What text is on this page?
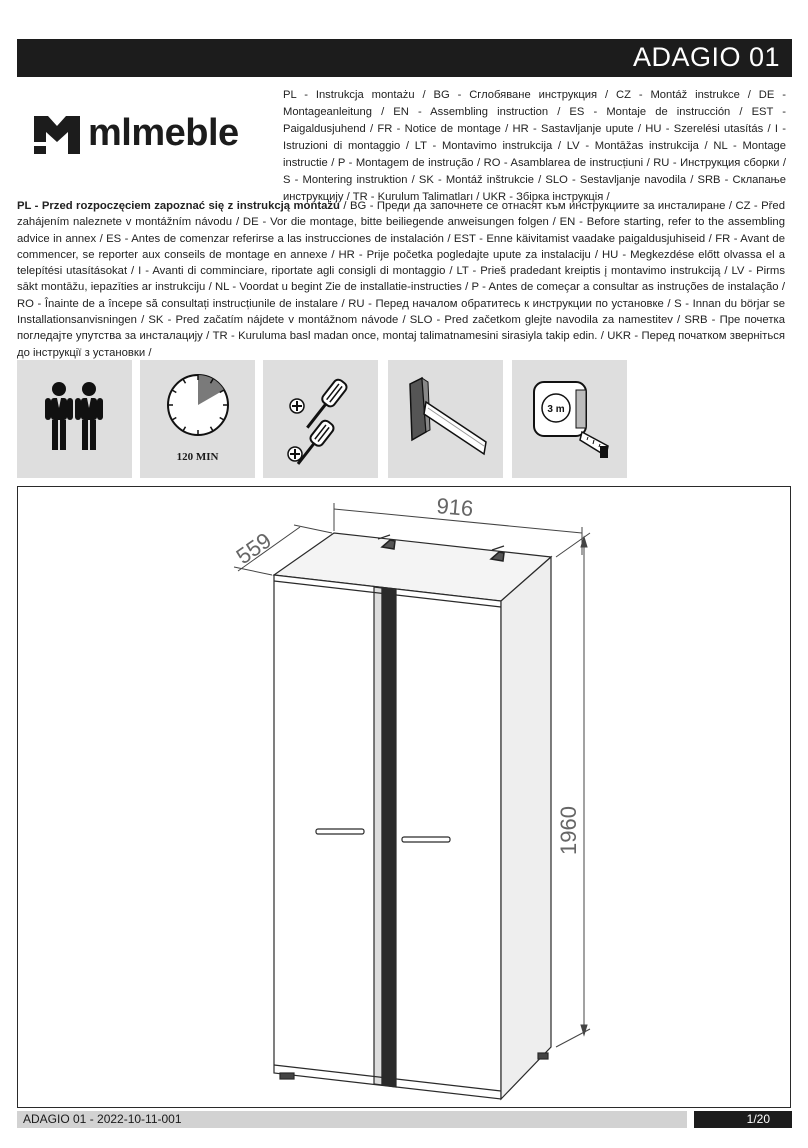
ADAGIO 01
mlmeble
PL - Instrukcja montażu / BG - Сглобяване инструкция / CZ - Montáž instrukce / DE - Montageanleitung / EN - Assembling instruction / ES - Montaje de instrucción / EST - Paigaldusjuhend / FR - Notice de montage / HR - Sastavljanje upute / HU - Szerelési utasítás / I - Istruzioni di montaggio / LT - Montavimo instrukcija / LV - Montāžas instrukcija / NL - Montage instructie / P - Montagem de instrução / RO - Asamblarea de instrucțiuni / RU - Инструкция сборки / S - Montering instruktion / SK - Montáž inštrukcie / SLO - Sestavljanje navodila / SRB - Склапање инструкцију / TR - Kurulum Talimatları / UKR - Збірка інструкція /
PL - Przed rozpoczęciem zapoznać się z instrukcją montażu / BG - Преди да започнете се отнасят към инструкциите за инсталиране / CZ - Před zahájením naleznete v montážním návodu / DE - Vor die montage, bitte beiliegende anweisungen folgen / EN - Before starting, refer to the assembling advice in annex / ES - Antes de comenzar referirse a las instrucciones de instalación / EST - Enne käivitamist vaadake paigaldusjuhiseid / FR - Avant de commencer, se reporter aux conseils de montage en annexe / HR - Prije početka pogledajte upute za instalaciju / HU - Megkezdése előtt olvassa el a telepítési utasításokat / I - Avanti di comminciare, riportate agli consigli di montaggio / LT - Prieš pradedant kreiptis į montavimo instrukciją / LV - Pirms sākt montāžu, iepazīties ar instrukciju / NL - Voordat u begint Zie de installatie-instructies / P - Antes de começar a consultar as instruções de instalação / RO - Înainte de a începe să consultați instrucțiunile de instalare / RU - Перед началом обратитесь к инструкции по установке / S - Innan du börjar se Installationsanvisningen / SK - Pred začatím nájdete v montážnom návode / SLO - Pred začetkom glejte navodila za namestitev / SRB - Пре почетка погледајте упутства за инсталацију / TR - Kuruluma basl madan once, montaj talimatnamesini sirasiyla takip edin. / UKR - Перед початком зверніться до інструкції з установки /
120 MIN
3 m
559
916
1960
ADAGIO 01 - 2022-10-11-001	1/20
